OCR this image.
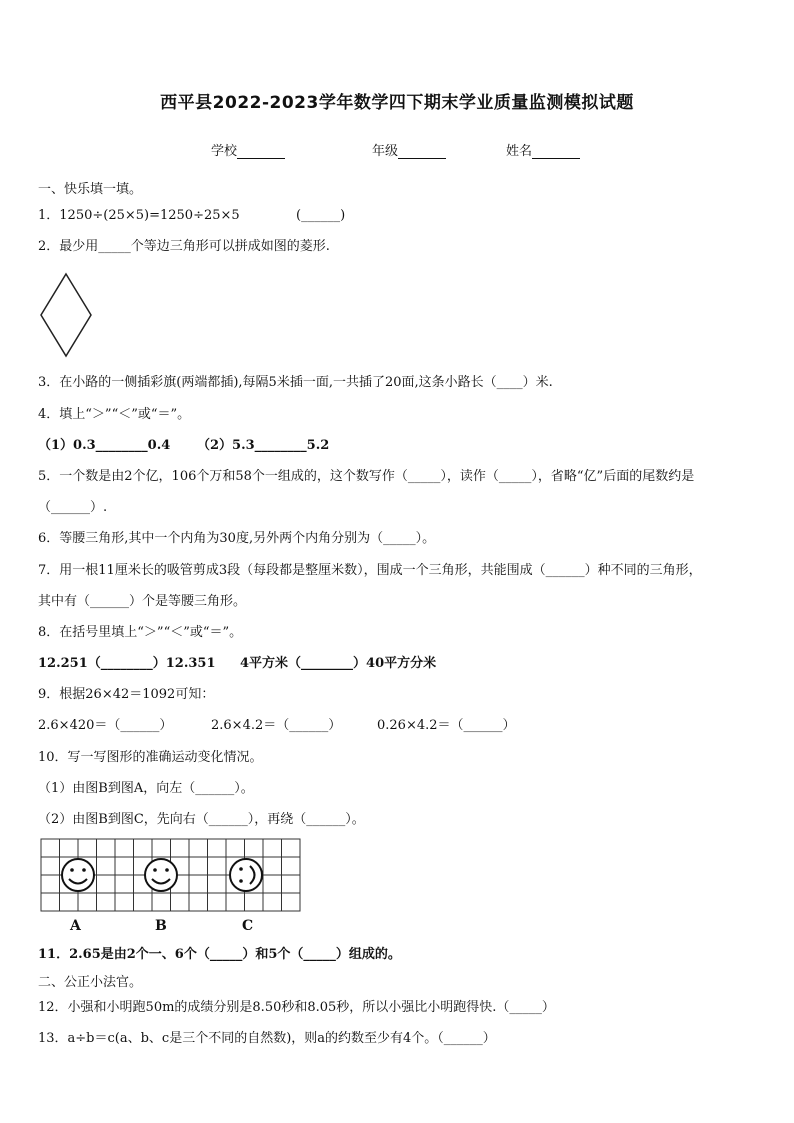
西平县2022-2023学年数学四下期末学业质量监测模拟试题
学校	年级	姓名
一、快乐填一填。
1．1250÷(25×5)=1250÷25×5	(______)
2．最少用_____个等边三角形可以拼成如图的菱形.
3．在小路的一侧插彩旗(两端都插),每隔5米插一面,一共插了20面,这条小路长（____）米.
4．填上“＞”“＜”或“＝”。
（1）0.3________0.4 （2）5.3________5.2
5．一个数是由2个亿，106个万和58个一组成的，这个数写作（_____），读作（_____），省略“亿”后面的尾数约是
（______）.
6．等腰三角形,其中一个内角为30度,另外两个内角分别为（_____）。
7．用一根11厘米长的吸管剪成3段（每段都是整厘米数），围成一个三角形，共能围成（______）种不同的三角形，
其中有（______）个是等腰三角形。
8．在括号里填上“＞”“＜”或“＝”。
12.251（________）12.351 4平方米（________）40平方分米
9．根据26×42＝1092可知：
2.6×420＝（______）	2.6×4.2＝（______）	0.26×4.2＝（______）
10．写一写图形的准确运动变化情况。
（1）由图B到图A，向左（______）。
（2）由图B到图C，先向右（______），再绕（______）。
A	B	C
11．2.65是由2个一、6个（_____）和5个（_____）组成的。
二、公正小法官。
12．小强和小明跑50m的成绩分别是8.50秒和8.05秒，所以小强比小明跑得快.（_____）
13．a÷b＝c(a、b、c是三个不同的自然数)，则a的约数至少有4个。（______）
